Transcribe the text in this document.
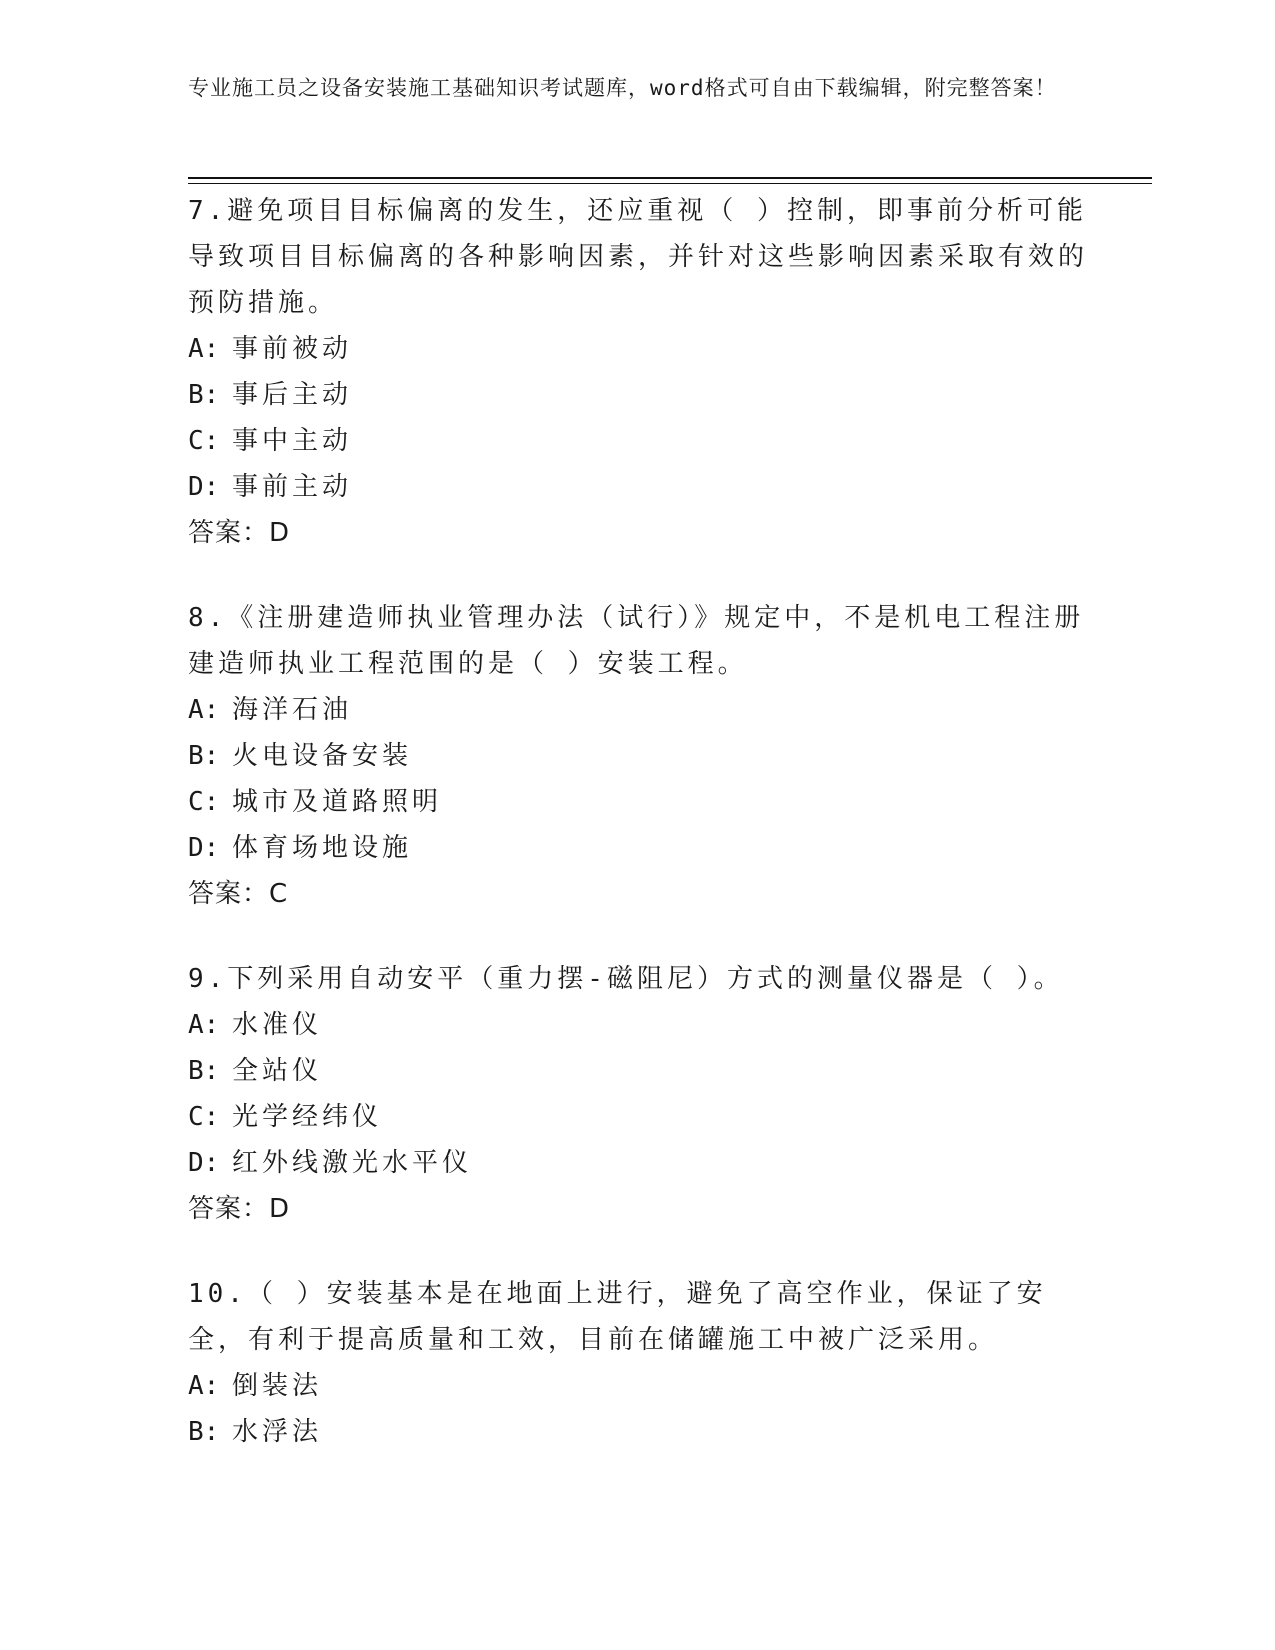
专业施工员之设备安装施工基础知识考试题库，word格式可自由下载编辑，附完整答案！
7.避免项目目标偏离的发生，还应重视（ ）控制，即事前分析可能导致项目目标偏离的各种影响因素，并针对这些影响因素采取有效的预防措施。
A: 事前被动
B: 事后主动
C: 事中主动
D: 事前主动
答案：D
8.《注册建造师执业管理办法（试行）》规定中，不是机电工程注册建造师执业工程范围的是（ ）安装工程。
A: 海洋石油
B: 火电设备安装
C: 城市及道路照明
D: 体育场地设施
答案：C
9.下列采用自动安平（重力摆-磁阻尼）方式的测量仪器是（ ）。
A: 水准仪
B: 全站仪
C: 光学经纬仪
D: 红外线激光水平仪
答案：D
10.（ ）安装基本是在地面上进行，避免了高空作业，保证了安全，有利于提高质量和工效，目前在储罐施工中被广泛采用。
A: 倒装法
B: 水浮法
